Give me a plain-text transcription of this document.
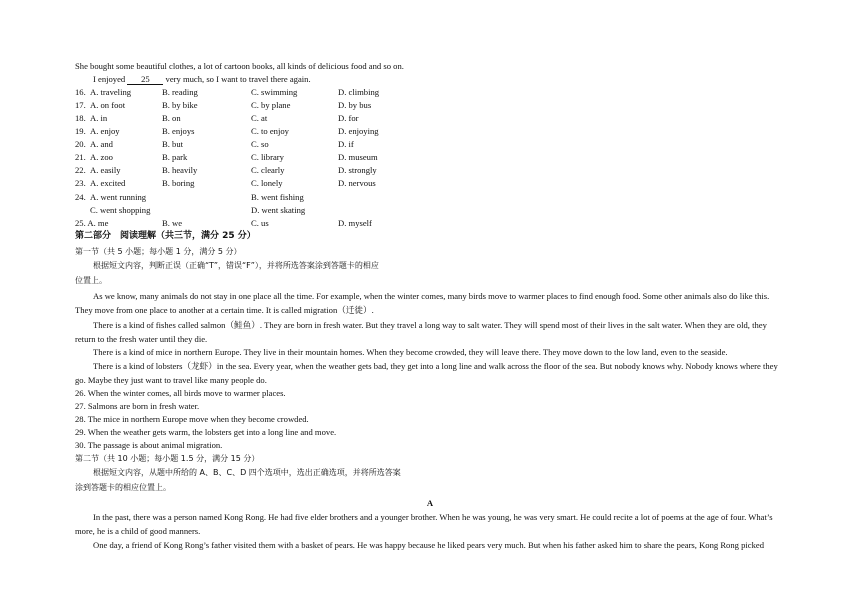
She bought some beautiful clothes, a lot of cartoon books, all kinds of delicious food and so on.
I enjoyed 25 very much, so I want to travel there again.
16. A. traveling	B. reading	C. swimming	D. climbing
17. A. on foot	B. by bike	C. by plane	D. by bus
18. A. in	B. on	C. at	D. for
19. A. enjoy	B. enjoys	C. to enjoy	D. enjoying
20. A. and	B. but	C. so	D. if
21. A. zoo	B. park	C. library	D. museum
22. A. easily	B. heavily	C. clearly	D. strongly
23. A. excited	B. boring	C. lonely	D. nervous
24. A. went running	B. went fishing
C. went shopping	D. went skating
25. A. me	B. we	C. us	D. myself
第二部分　阅读理解（共三节，满分 25 分）
第一节（共 5 小题；每小题 1 分，满分 5 分）
根据短文内容，判断正误（正确“T”，错误“F”），并将所选答案涂到答题卡的相应
位置上。
As we know, many animals do not stay in one place all the time. For example, when the winter comes, many birds move to warmer places to find enough food. Some other animals also do like this.
They move from one place to another at a certain time. It is called migration（迁徙）.
There is a kind of fishes called salmon（鲑鱼）. They are born in fresh water. But they travel a long way to salt water. They will spend most of their lives in the salt water. When they are old, they
return to the fresh water until they die.
There is a kind of mice in northern Europe. They live in their mountain homes. When they become crowded, they will leave there. They move down to the low land, even to the seaside.
There is a kind of lobsters（龙虾）in the sea. Every year, when the weather gets bad, they get into a long line and walk across the floor of the sea. But nobody knows why. Nobody knows where they
go. Maybe they just want to travel like many people do.
26. When the winter comes, all birds move to warmer places.
27. Salmons are born in fresh water.
28. The mice in northern Europe move when they become crowded.
29. When the weather gets warm, the lobsters get into a long line and move.
30. The passage is about animal migration.
第二节（共 10 小题；每小题 1.5 分，满分 15 分）
根据短文内容，从题中所给的 A、B、C、D 四个选项中，选出正确选项，并将所选答案
涂到答题卡的相应位置上。
A
In the past, there was a person named Kong Rong. He had five elder brothers and a younger brother. When he was young, he was very smart. He could recite a lot of poems at the age of four. What’s
more, he is a child of good manners.
One day, a friend of Kong Rong’s father visited them with a basket of pears. He was happy because he liked pears very much. But when his father asked him to share the pears, Kong Rong picked
